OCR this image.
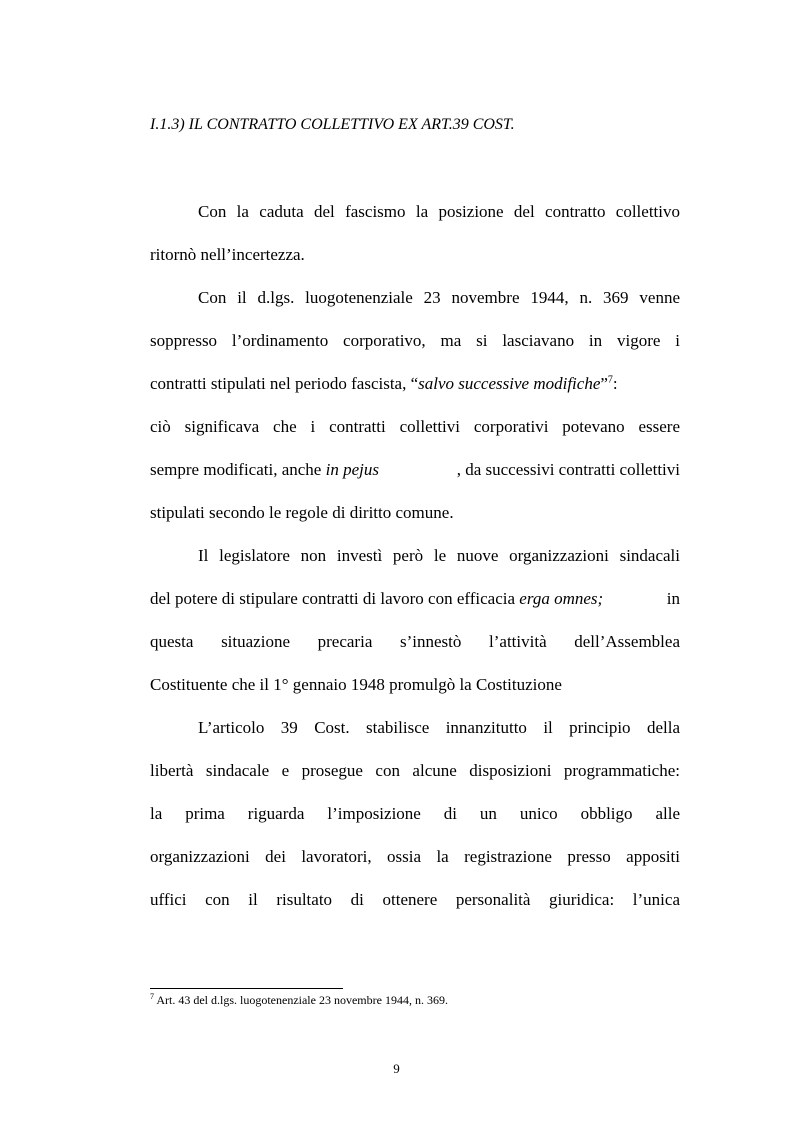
I.1.3) IL CONTRATTO COLLETTIVO EX ART.39 COST.
Con la caduta del fascismo la posizione del contratto collettivo
ritornò nell’incertezza.
Con il d.lgs. luogotenenziale 23 novembre 1944, n. 369 venne
soppresso l’ordinamento corporativo, ma si lasciavano in vigore i
contratti stipulati nel periodo fascista, “salvo successive modifiche”$^7$:
ciò significava che i contratti collettivi corporativi potevano essere
sempre modificati, anche in pejus	, da successivi contratti collettivi
stipulati secondo le regole di diritto comune.
Il legislatore non investì però le nuove organizzazioni sindacali
del potere di stipulare contratti di lavoro con efficacia erga omnes;	in
questa situazione precaria s’innestò l’attività dell’Assemblea
Costituente che il 1° gennaio 1948 promulgò la Costituzione
L’articolo 39 Cost. stabilisce innanzitutto il principio della
libertà sindacale e prosegue con alcune disposizioni programmatiche:
la prima riguarda l’imposizione di un unico obbligo alle
organizzazioni dei lavoratori, ossia la registrazione presso appositi
uffici con il risultato di ottenere personalità giuridica: l’unica
$^7$ Art. 43 del d.lgs. luogotenenziale 23 novembre 1944, n. 369.
9
